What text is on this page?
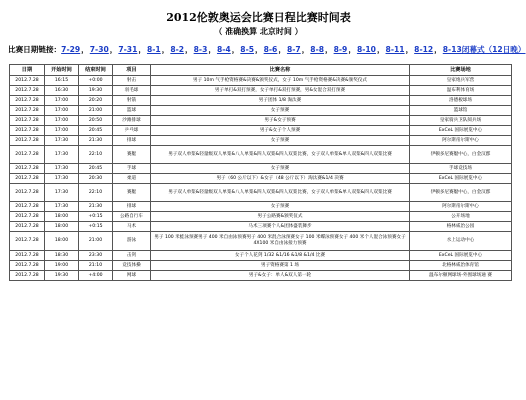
2012伦敦奥运会比赛日程比赛时间表
（ 准确换算 北京时间 ）
比赛日期链接：7-29，7-30，7-31，8-1，8-2，8-3，8-4，8-5，8-6，8-7，8-8，8-9，8-10，8-11，8-12，8-13闭幕式（12日晚）
日期	开始时间	结束时间	项目	比赛名称	比赛场地
2012.7.28	16:15	+0:00	射击	男子 10m 气手枪资格赛&决赛&颁奖仪式，女子 10m 气手枪资格赛&决赛&颁奖仪式	皇家炮兵军营
2012.7.28	16:30	19:30	羽毛球	男子单打&双打预赛，女子单打&双打预赛，男&女混合双打预赛	温布利体育场
2012.7.28	17:00	20:20	射箭	男子团体 1/8 淘汰赛	洛德板球场
2012.7.28	17:00	21:00	篮球	女子预赛	篮球馆
2012.7.28	17:00	20:50	沙滩排球	男子&女子预赛	皇家骑兵卫队阅兵场
2012.7.28	17:00	20:45	乒乓球	男子&女子个人预赛	ExCeL 国际展览中心
2012.7.28	17:30	21:30	排球	女子预赛	阿尔斯帝尔斯中心
2012.7.28	17:30	22:10	赛艇	男子双人单桨&轻量级双人单桨&八人单桨&四人双桨&四人双桨比赛，女子双人单桨&单人双桨&四人双桨比赛	伊顿多尼赛艇中心，白金汉郡
2012.7.28	17:30	20:45	手球	女子预赛	手球竞技场
2012.7.28	17:30	20:30	柔道	男子（60 公斤以下）&女子（48 公斤以下）淘汰赛&1/4 决赛	ExCeL 国际展览中心
2012.7.28	17:30	22:10	赛艇	男子双人单桨&轻量级双人单桨&八人单桨&四人双桨&四人双桨比赛，女子双人单桨&单人双桨&四人双桨比赛	伊顿多尼赛艇中心，白金汉郡
2012.7.28	17:30	21:30	排球	女子预赛	阿尔斯帝尔斯中心
2012.7.28	18:00	+0:15	公路自行车	男子公路赛&颁奖仪式	公开场地
2012.7.28	18:00	+0:15	马术	马术三项赛个人&团体盛装舞步	格林威治公园
2012.7.28	18:00	21:00	游泳	男子 100 米蛙泳预赛男子 400 米自由泳预赛男子 400 米混合泳预赛女子 100 米蝶泳预赛女子 400 米个人混合泳预赛女子 4X100 米自由泳接力预赛	水上运动中心
2012.7.28	18:30	23:30	击剑	女子个人花剑 1/32 &1/16 &1/8 &1/4 比赛	ExCeL 国际展览中心
2012.7.28	19:00	21:10	竞技体操	男子资格赛第 1 场	北格林威治体育馆
2012.7.28	19:30	+4:00	网球	男子&女子：单人&双人第一轮	温布尔顿网球场-外围球场通 赛
